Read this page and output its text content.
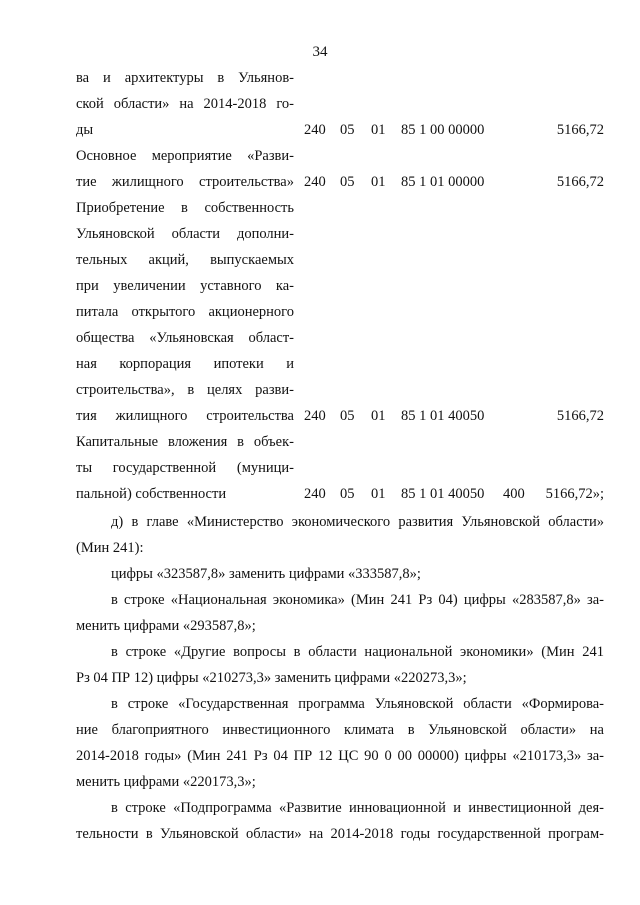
34
ва и архитектуры в Ульянов-
ской области» на 2014-2018 го-
ды	240 05 01 85 1 00 00000	5166,72
Основное мероприятие «Разви-
тие жилищного строительства» 240 05 01 85 1 01 00000	5166,72
Приобретение в собственность
Ульяновской области дополни-
тельных акций, выпускаемых
при увеличении уставного ка-
питала открытого акционерного
общества «Ульяновская област-
ная корпорация ипотеки и
строительства», в целях разви-
тия жилищного строительства 240 05 01 85 1 01 40050	5166,72
Капитальные вложения в объек-
ты государственной (муници-
пальной) собственности	240 05 01 85 1 01 40050 400 5166,72»;
д) в главе «Министерство экономического развития Ульяновской области»
(Мин 241):
цифры «323587,8» заменить цифрами «333587,8»;
в строке «Национальная экономика» (Мин 241 Рз 04) цифры «283587,8» за-
менить цифрами «293587,8»;
в строке «Другие вопросы в области национальной экономики» (Мин 241
Рз 04 ПР 12) цифры «210273,3» заменить цифрами «220273,3»;
в строке «Государственная программа Ульяновской области «Формирова-
ние благоприятного инвестиционного климата в Ульяновской области» на
2014-2018 годы» (Мин 241 Рз 04 ПР 12 ЦС 90 0 00 00000) цифры «210173,3» за-
менить цифрами «220173,3»;
в строке «Подпрограмма «Развитие инновационной и инвестиционной дея-
тельности в Ульяновской области» на 2014-2018 годы государственной програм-
